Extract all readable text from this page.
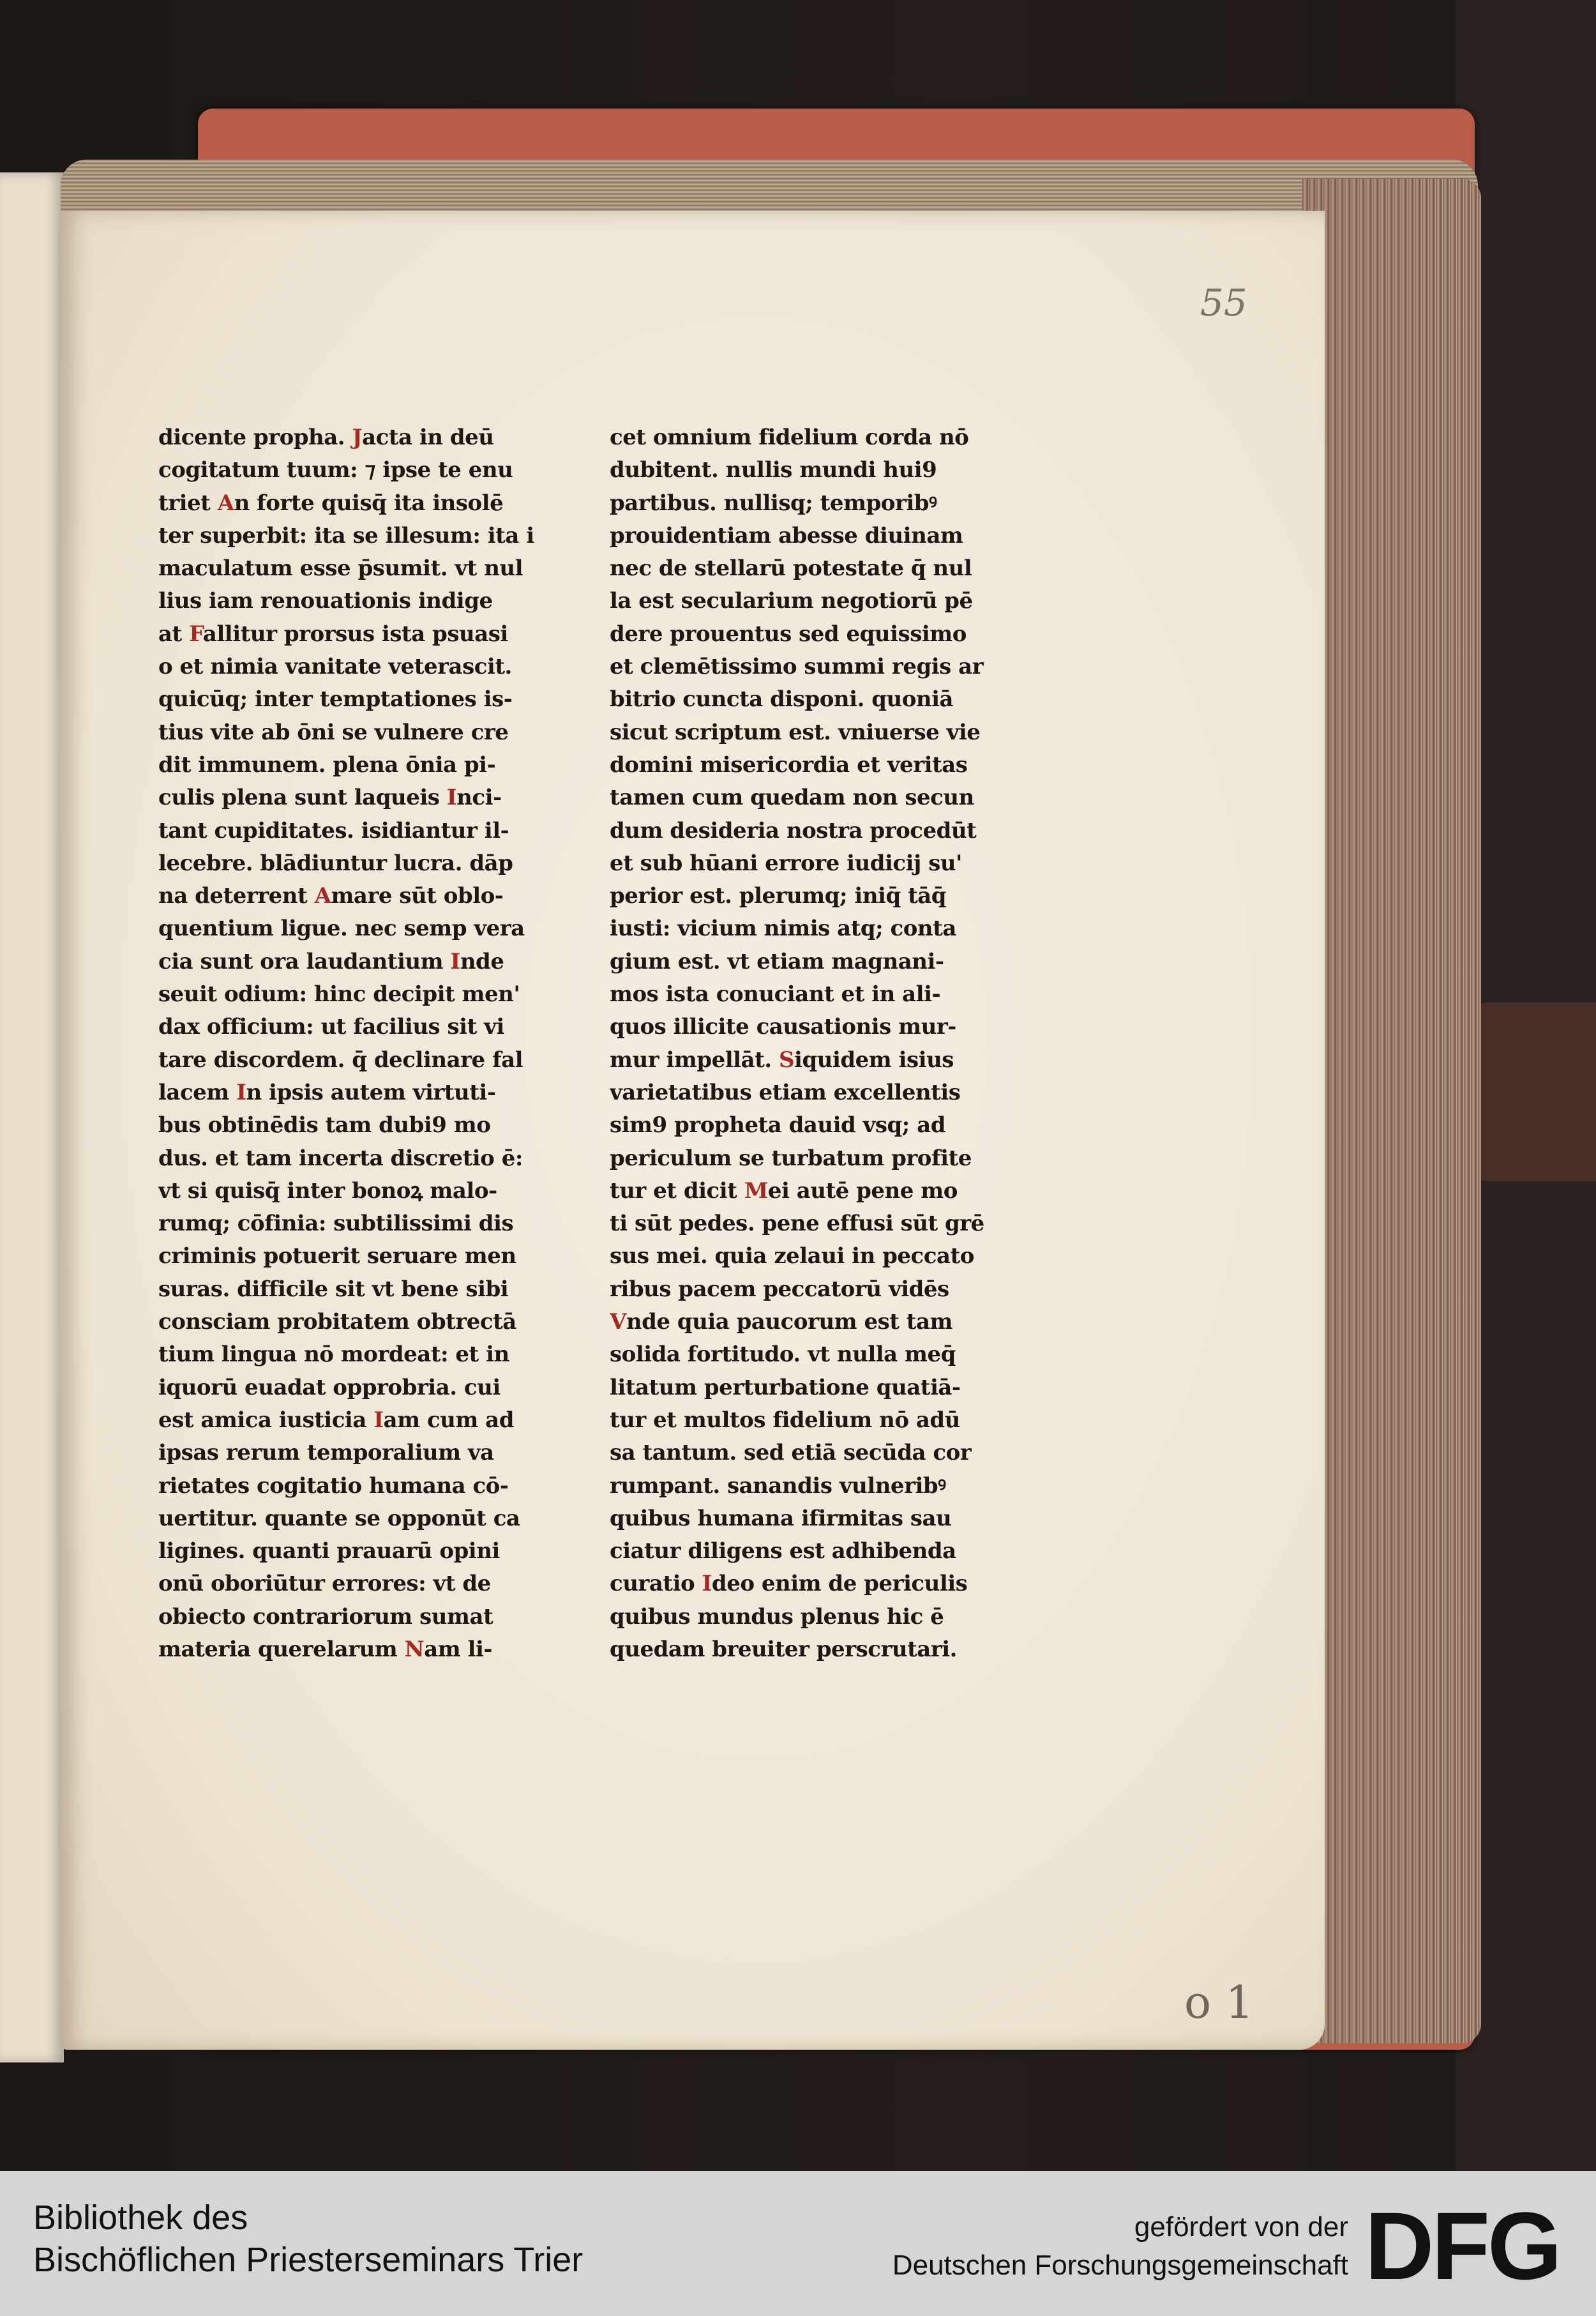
55
o 1
dicente propha. Jacta in deū
cogitatum tuum: ⁊ ipse te enu
triet An forte quisq̄ ita insolē
ter superbit: ita se illesum: ita i
maculatum esse p̄sumit. vt nul
lius iam renouationis indige
at Fallitur prorsus ista psuasi
o et nimia vanitate veterascit.
quicūq; inter temptationes is-
tius vite ab ōni se vulnere cre
dit immunem. plena ōnia pi-
culis plena sunt laqueis Inci-
tant cupiditates. isidiantur il-
lecebre. blādiuntur lucra. dāp
na deterrent Amare sūt oblo-
quentium ligue. nec semp vera
cia sunt ora laudantium Inde
seuit odium: hinc decipit men'
dax officium: ut facilius sit vi
tare discordem. q̄ declinare fal
lacem In ipsis autem virtuti-
bus obtinēdis tam dubi9 mo
dus. et tam incerta discretio ē:
vt si quisq̄ inter bonoꝝ malo-
rumq; cōfinia: subtilissimi dis
criminis potuerit seruare men
suras. difficile sit vt bene sibi
consciam probitatem obtrectā
tium lingua nō mordeat: et in
iquorū euadat opprobria. cui
est amica iusticia Iam cum ad
ipsas rerum temporalium va
rietates cogitatio humana cō-
uertitur. quante se opponūt ca
ligines. quanti prauarū opini
onū oboriūtur errores: vt de
obiecto contrariorum sumat
materia querelarum Nam li-
cet omnium fidelium corda nō
dubitent. nullis mundi hui9
partibus. nullisq; temporibꝰ
prouidentiam abesse diuinam
nec de stellarū potestate q̄ nul
la est secularium negotiorū pē
dere prouentus sed equissimo
et clemētissimo summi regis ar
bitrio cuncta disponi. quoniā
sicut scriptum est. vniuerse vie
domini misericordia et veritas
tamen cum quedam non secun
dum desideria nostra procedūt
et sub hūani errore iudicij su'
perior est. plerumq; iniq̄ tāq̄
iusti: vicium nimis atq; conta
gium est. vt etiam magnani-
mos ista conuciant et in ali-
quos illicite causationis mur-
mur impellāt. Siquidem isius
varietatibus etiam excellentis
sim9 propheta dauid vsq; ad
periculum se turbatum profite
tur et dicit Mei autē pene mo
ti sūt pedes. pene effusi sūt grē
sus mei. quia zelaui in peccato
ribus pacem peccatorū vidēs
Vnde quia paucorum est tam
solida fortitudo. vt nulla meq̄
litatum perturbatione quatiā-
tur et multos fidelium nō adū
sa tantum. sed etiā secūda cor
rumpant. sanandis vulneribꝰ
quibus humana ifirmitas sau
ciatur diligens est adhibenda
curatio Ideo enim de periculis
quibus mundus plenus hic ē
quedam breuiter perscrutari.
Bibliothek des
Bischöflichen Priesterseminars Trier
gefördert von der
Deutschen Forschungsgemeinschaft DFG
